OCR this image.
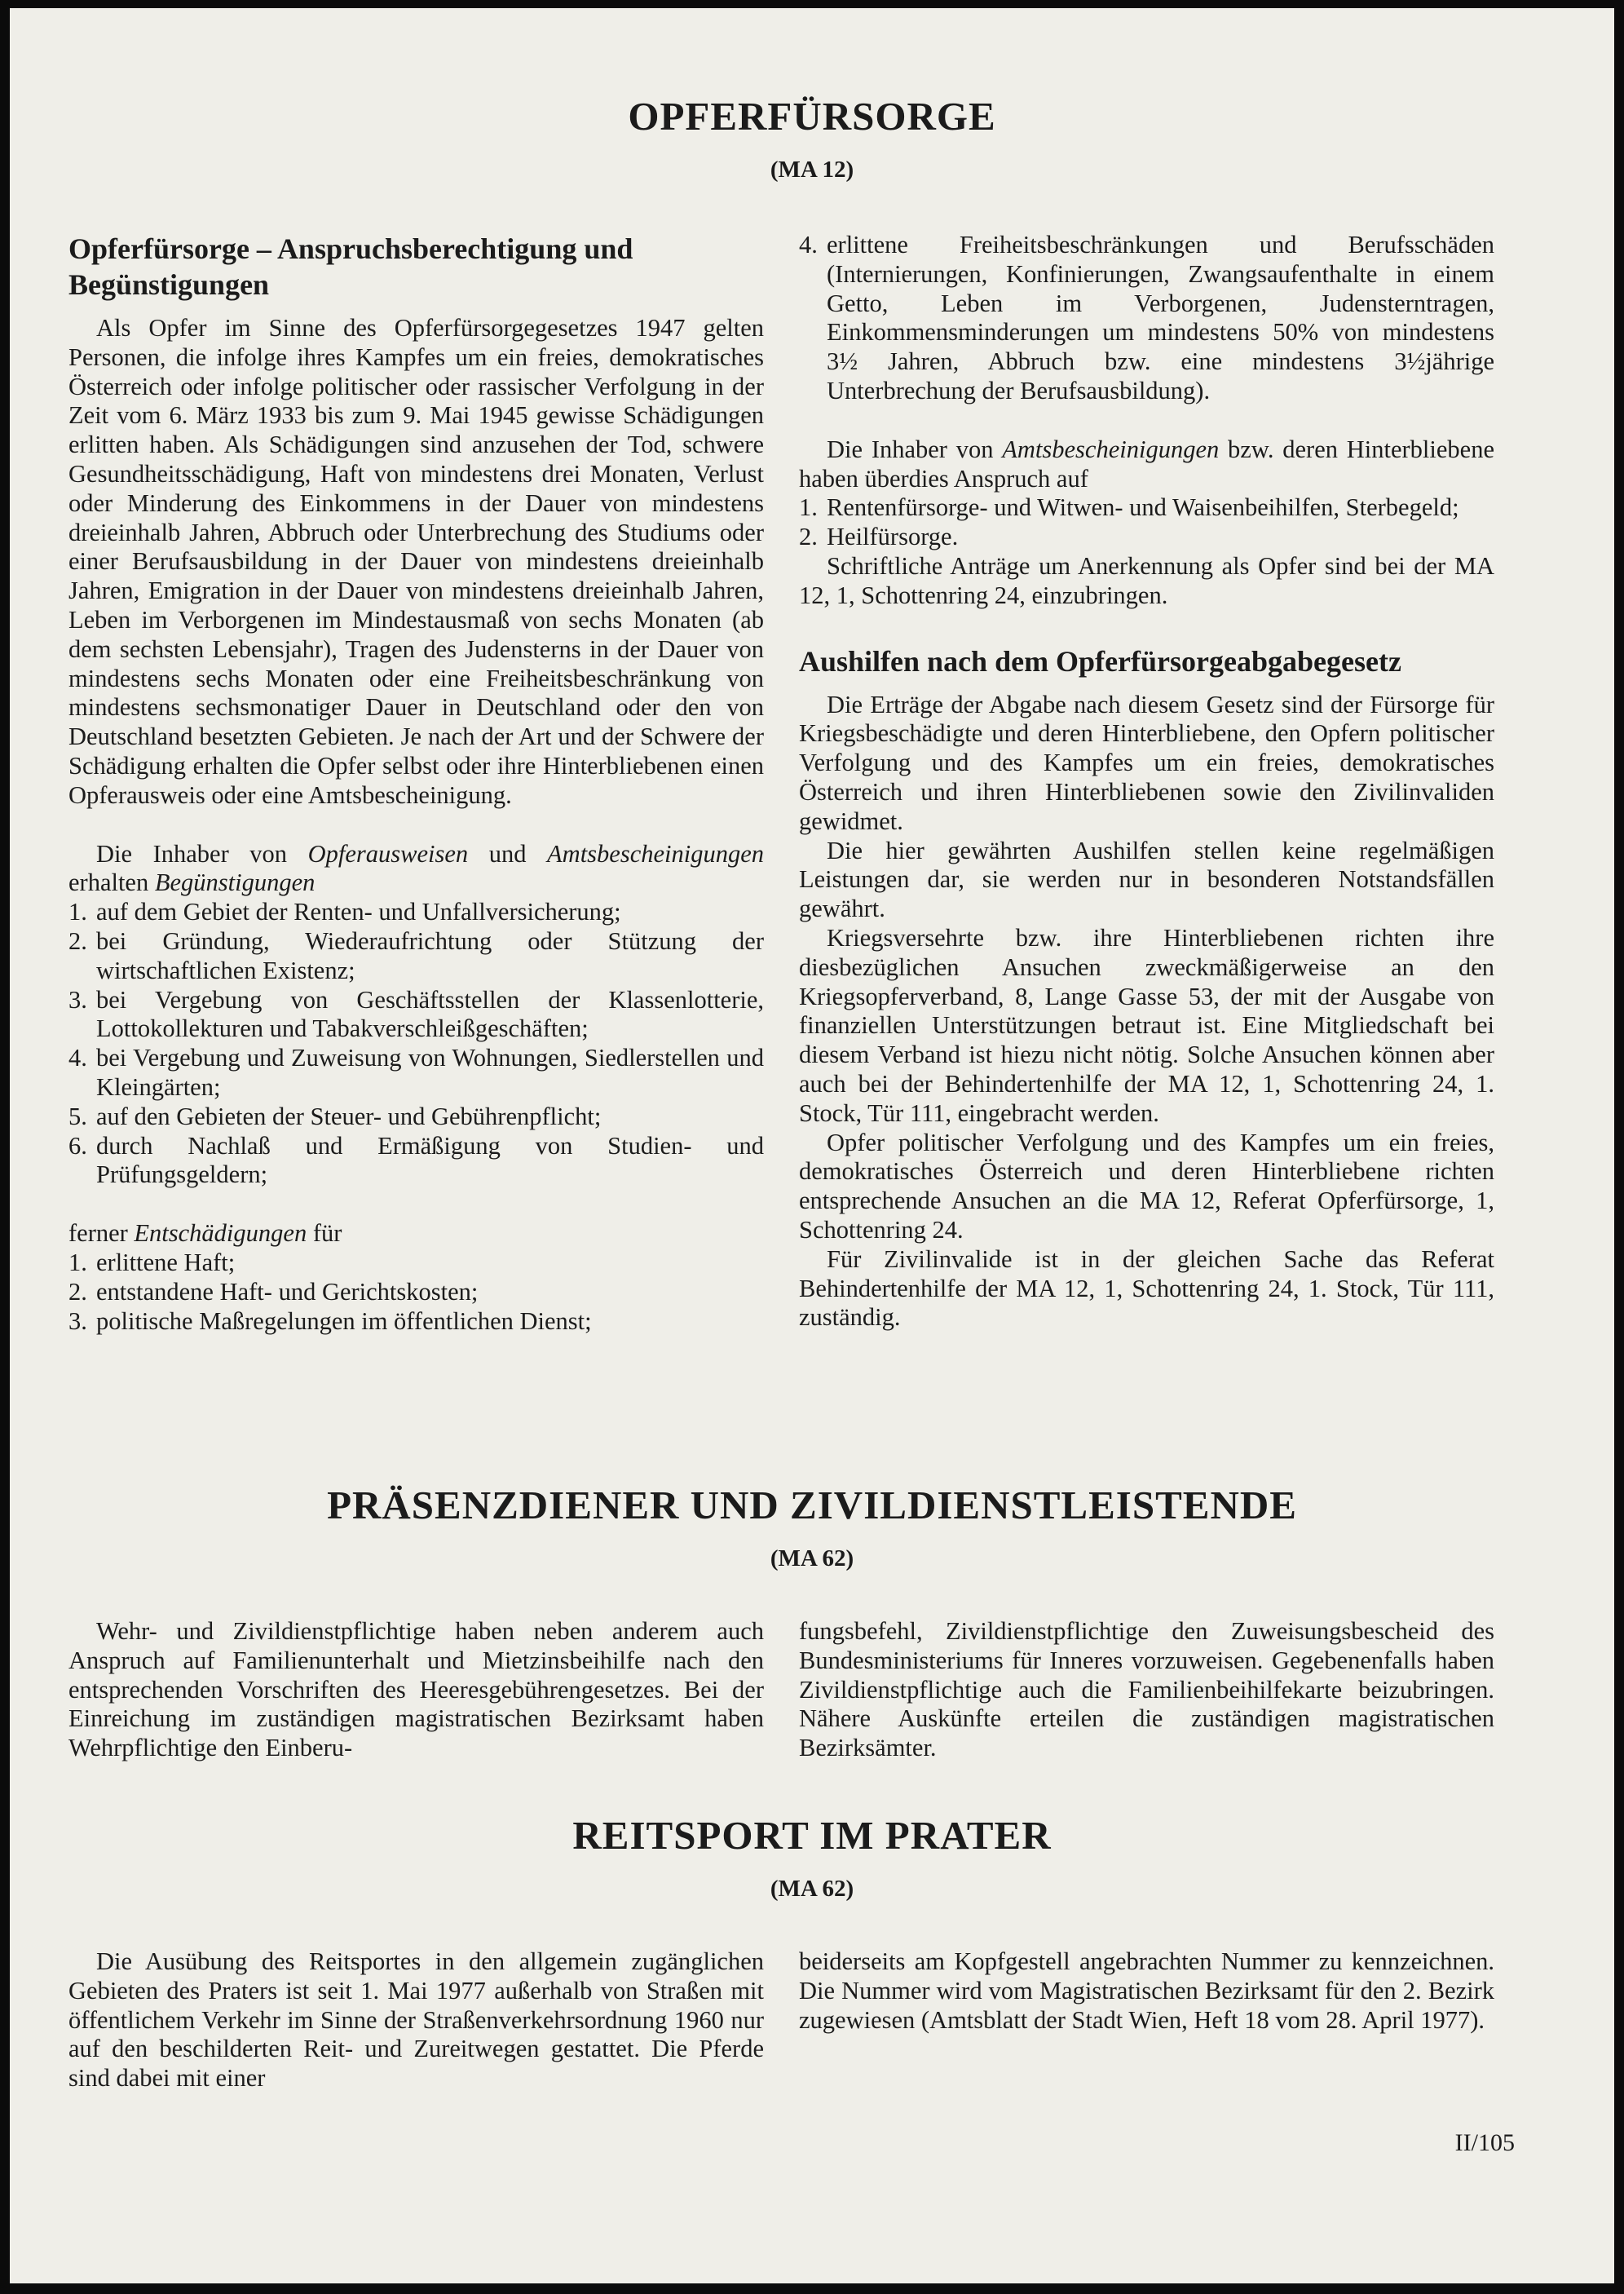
OPFERFÜRSORGE
(MA 12)
Opferfürsorge – Anspruchsberechtigung und Begünstigungen

Als Opfer im Sinne des Opferfürsorgegesetzes 1947 gelten Personen, die infolge ihres Kampfes um ein freies, demokratisches Österreich oder infolge politischer oder rassischer Verfolgung in der Zeit vom 6. März 1933 bis zum 9. Mai 1945 gewisse Schädigungen erlitten haben. Als Schädigungen sind anzusehen der Tod, schwere Gesundheitsschädigung, Haft von mindestens drei Monaten, Verlust oder Minderung des Einkommens in der Dauer von mindestens dreieinhalb Jahren, Abbruch oder Unterbrechung des Studiums oder einer Berufsausbildung in der Dauer von mindestens dreieinhalb Jahren, Emigration in der Dauer von mindestens dreieinhalb Jahren, Leben im Verborgenen im Mindestausmaß von sechs Monaten (ab dem sechsten Lebensjahr), Tragen des Judensterns in der Dauer von mindestens sechs Monaten oder eine Freiheitsbeschränkung von mindestens sechsmonatiger Dauer in Deutschland oder den von Deutschland besetzten Gebieten. Je nach der Art und der Schwere der Schädigung erhalten die Opfer selbst oder ihre Hinterbliebenen einen Opferausweis oder eine Amtsbescheinigung.

Die Inhaber von Opferausweisen und Amtsbescheinigungen erhalten Begünstigungen

1. auf dem Gebiet der Renten- und Unfallversicherung;
2. bei Gründung, Wiederaufrichtung oder Stützung der wirtschaftlichen Existenz;
3. bei Vergebung von Geschäftsstellen der Klassenlotterie, Lottokollekturen und Tabakverschleißgeschäften;
4. bei Vergebung und Zuweisung von Wohnungen, Siedlerstellen und Kleingärten;
5. auf den Gebieten der Steuer- und Gebührenpflicht;
6. durch Nachlaß und Ermäßigung von Studien- und Prüfungsgeldern;

ferner Entschädigungen für

1. erlittene Haft;
2. entstandene Haft- und Gerichtskosten;
3. politische Maßregelungen im öffentlichen Dienst;
4. erlittene Freiheitsbeschränkungen und Berufsschäden (Internierungen, Konfinierungen, Zwangsaufenthalte in einem Getto, Leben im Verborgenen, Judensterntragen, Einkommensminderungen um mindestens 50% von mindestens 3½ Jahren, Abbruch bzw. eine mindestens 3½jährige Unterbrechung der Berufsausbildung).

Die Inhaber von Amtsbescheinigungen bzw. deren Hinterbliebene haben überdies Anspruch auf

1. Rentenfürsorge- und Witwen- und Waisenbeihilfen, Sterbegeld;
2. Heilfürsorge.

Schriftliche Anträge um Anerkennung als Opfer sind bei der MA 12, 1, Schottenring 24, einzubringen.

Aushilfen nach dem Opferfürsorgeabgabegesetz

Die Erträge der Abgabe nach diesem Gesetz sind der Fürsorge für Kriegsbeschädigte und deren Hinterbliebene, den Opfern politischer Verfolgung und des Kampfes um ein freies, demokratisches Österreich und ihren Hinterbliebenen sowie den Zivilinvaliden gewidmet.

Die hier gewährten Aushilfen stellen keine regelmäßigen Leistungen dar, sie werden nur in besonderen Notstandsfällen gewährt.

Kriegsversehrte bzw. ihre Hinterbliebenen richten ihre diesbezüglichen Ansuchen zweckmäßigerweise an den Kriegsopferverband, 8, Lange Gasse 53, der mit der Ausgabe von finanziellen Unterstützungen betraut ist. Eine Mitgliedschaft bei diesem Verband ist hiezu nicht nötig. Solche Ansuchen können aber auch bei der Behindertenhilfe der MA 12, 1, Schottenring 24, 1. Stock, Tür 111, eingebracht werden.

Opfer politischer Verfolgung und des Kampfes um ein freies, demokratisches Österreich und deren Hinterbliebene richten entsprechende Ansuchen an die MA 12, Referat Opferfürsorge, 1, Schottenring 24.

Für Zivilinvalide ist in der gleichen Sache das Referat Behindertenhilfe der MA 12, 1, Schottenring 24, 1. Stock, Tür 111, zuständig.

PRÄSENZDIENER UND ZIVILDIENSTLEISTENDE
(MA 62)

Wehr- und Zivildienstpflichtige haben neben anderem auch Anspruch auf Familienunterhalt und Mietzinsbeihilfe nach den entsprechenden Vorschriften des Heeresgebührengesetzes. Bei der Einreichung im zuständigen magistratischen Bezirksamt haben Wehrpflichtige den Einberu-

fungsbefehl, Zivildienstpflichtige den Zuweisungsbescheid des Bundesministeriums für Inneres vorzuweisen. Gegebenenfalls haben Zivildienstpflichtige auch die Familienbeihilfekarte beizubringen. Nähere Auskünfte erteilen die zuständigen magistratischen Bezirksämter.

REITSPORT IM PRATER
(MA 62)

Die Ausübung des Reitsportes in den allgemein zugänglichen Gebieten des Praters ist seit 1. Mai 1977 außerhalb von Straßen mit öffentlichem Verkehr im Sinne der Straßenverkehrsordnung 1960 nur auf den beschilderten Reit- und Zureitwegen gestattet. Die Pferde sind dabei mit einer

beiderseits am Kopfgestell angebrachten Nummer zu kennzeichnen. Die Nummer wird vom Magistratischen Bezirksamt für den 2. Bezirk zugewiesen (Amtsblatt der Stadt Wien, Heft 18 vom 28. April 1977).

II/105
